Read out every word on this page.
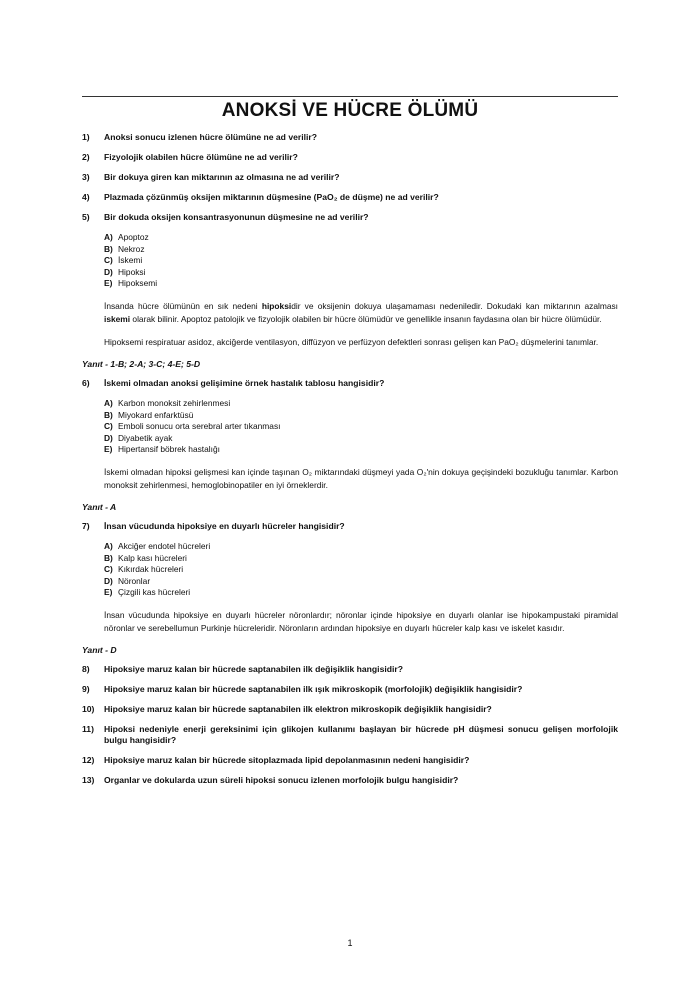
ANOKSİ VE HÜCRE ÖLÜMÜ
1)	Anoksi sonucu izlenen hücre ölümüne ne ad verilir?
2)	Fizyolojik olabilen hücre ölümüne ne ad verilir?
3)	Bir dokuya giren kan miktarının az olmasına ne ad verilir?
4)	Plazmada çözünmüş oksijen miktarının düşmesine (PaO₂ de düşme) ne ad verilir?
5)	Bir dokuda oksijen konsantrasyonunun düşmesine ne ad verilir?
A) Apoptoz
B) Nekroz
C) İskemi
D) Hipoksi
E) Hipoksemi
İnsanda hücre ölümünün en sık nedeni hipoksidir ve oksijenin dokuya ulaşamaması nedeniledir. Dokudaki kan miktarının azalması iskemi olarak bilinir. Apoptoz patolojik ve fizyolojik olabilen bir hücre ölümüdür ve genellikle insanın faydasına olan bir hücre ölümüdür.
Hipoksemi respiratuar asidoz, akciğerde ventilasyon, diffüzyon ve perfüzyon defektleri sonrası gelişen kan PaO₂ düşmelerini tanımlar.
Yanıt - 1-B; 2-A; 3-C; 4-E; 5-D
6)	İskemi olmadan anoksi gelişimine örnek hastalık tablosu hangisidir?
A) Karbon monoksit zehirlenmesi
B) Miyokard enfarktüsü
C) Emboli sonucu orta serebral arter tıkanması
D) Diyabetik ayak
E) Hipertansif böbrek hastalığı
İskemi olmadan hipoksi gelişmesi kan içinde taşınan O₂ miktarındaki düşmeyi yada O₂'nin dokuya geçişindeki bozukluğu tanımlar. Karbon monoksit zehirlenmesi, hemoglobinopatiler en iyi örneklerdir.
Yanıt - A
7)	İnsan vücudunda hipoksiye en duyarlı hücreler hangisidir?
A) Akciğer endotel hücreleri
B) Kalp kası hücreleri
C) Kıkırdak hücreleri
D) Nöronlar
E) Çizgili kas hücreleri
İnsan vücudunda hipoksiye en duyarlı hücreler nöronlardır; nöronlar içinde hipoksiye en duyarlı olanlar ise hipokampustaki piramidal nöronlar ve serebellumun Purkinje hücreleridir. Nöronların ardından hipoksiye en duyarlı hücreler kalp kası ve iskelet kasıdır.
Yanıt - D
8)	Hipoksiye maruz kalan bir hücrede saptanabilen ilk değişiklik hangisidir?
9)	Hipoksiye maruz kalan bir hücrede saptanabilen ilk ışık mikroskopik (morfolojik) değişiklik hangisidir?
10)	Hipoksiye maruz kalan bir hücrede saptanabilen ilk elektron mikroskopik değişiklik hangisidir?
11)	Hipoksi nedeniyle enerji gereksinimi için glikojen kullanımı başlayan bir hücrede pH düşmesi sonucu gelişen morfolojik bulgu hangisidir?
12)	Hipoksiye maruz kalan bir hücrede sitoplazmada lipid depolanmasının nedeni hangisidir?
13)	Organlar ve dokularda uzun süreli hipoksi sonucu izlenen morfolojik bulgu hangisidir?
1
